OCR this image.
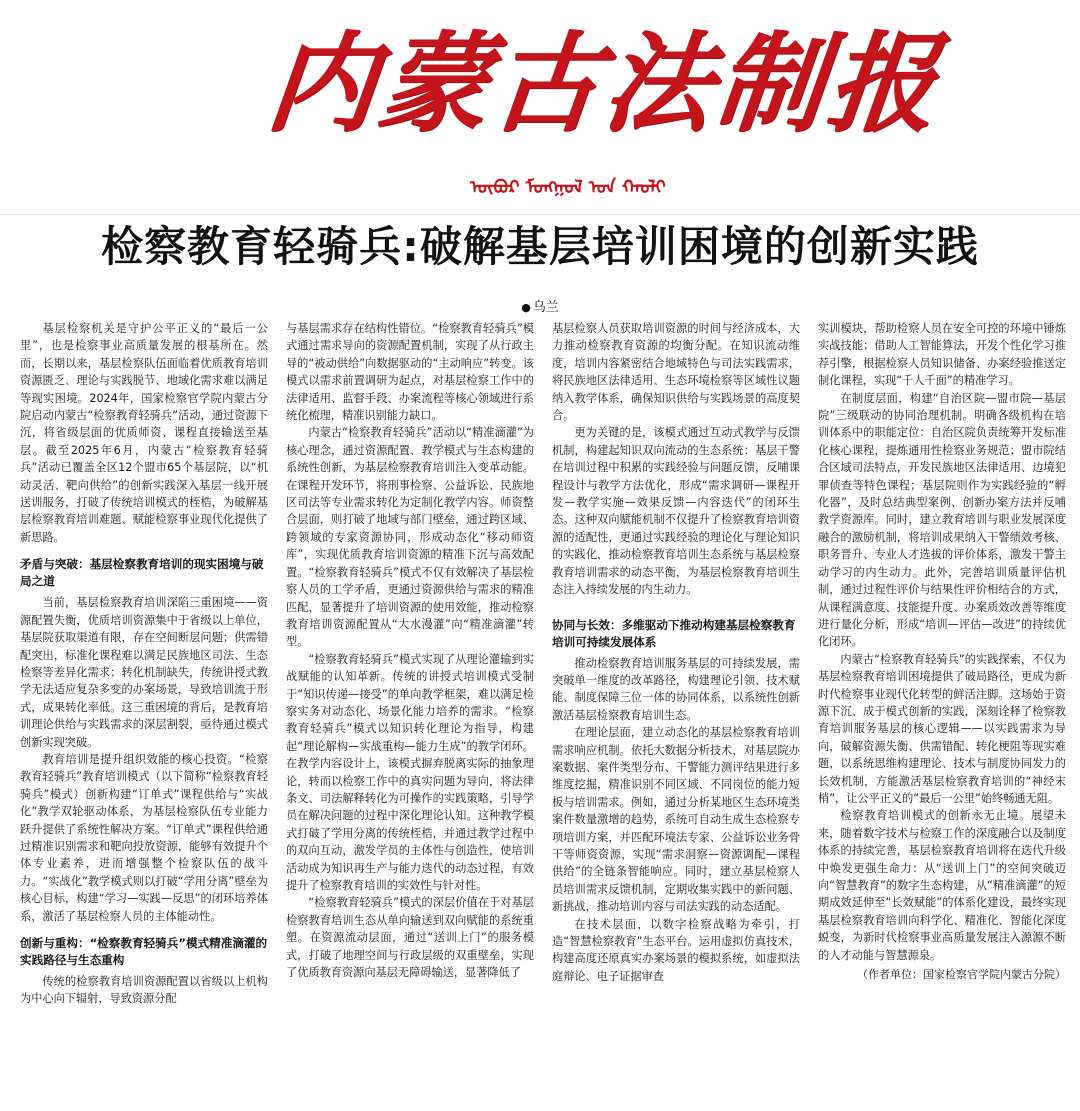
内蒙古法制报
ᠥᠪᠦᠷ ᠮᠣᠩᠭᠣᠯ ᠤᠨ ᠬᠠᠤᠯᠢ
检察教育轻骑兵:破解基层培训困境的创新实践
● 乌兰

基层检察机关是守护公平正义的“最后一公里”，也是检察事业高质量发展的根基所在。然而，长期以来，基层检察队伍面临着优质教育培训资源匮乏、理论与实践脱节、地域化需求难以满足等现实困境。2024年，国家检察官学院内蒙古分院启动内蒙古“检察教育轻骑兵”活动，通过资源下沉，将省级层面的优质师资、课程直接输送至基层。截至2025年6月，内蒙古“检察教育轻骑兵”活动已覆盖全区12个盟市65个基层院，以“机动灵活、靶向供给”的创新实践深入基层一线开展送训服务，打破了传统培训模式的桎梏，为破解基层检察教育培训难题、赋能检察事业现代化提供了新思路。

矛盾与突破：基层检察教育培训的现实困境与破局之道

当前，基层检察教育培训深陷三重困境——资源配置失衡，优质培训资源集中于省级以上单位，基层院获取渠道有限，存在空间断层问题；供需错配突出，标准化课程难以满足民族地区司法、生态检察等差异化需求；转化机制缺失，传统讲授式教学无法适应复杂多变的办案场景，导致培训流于形式，成果转化率低。这三重困境的背后，是教育培训理论供给与实践需求的深层割裂，亟待通过模式创新实现突破。

教育培训是提升组织效能的核心投资。“检察教育轻骑兵”教育培训模式（以下简称“检察教育轻骑兵”模式）创新构建“订单式”课程供给与“实战化”教学双轮驱动体系，为基层检察队伍专业能力跃升提供了系统性解决方案。“订单式”课程供给通过精准识别需求和靶向投放资源，能够有效提升个体专业素养，进而增强整个检察队伍的战斗力。“实战化”教学模式则以打破“学用分离”壁垒为核心目标，构建“学习—实践—反思”的闭环培养体系，激活了基层检察人员的主体能动性。

创新与重构：“检察教育轻骑兵”模式精准滴灌的实践路径与生态重构

传统的检察教育培训资源配置以省级以上机构为中心向下辐射，导致资源分配

与基层需求存在结构性错位。“检察教育轻骑兵”模式通过需求导向的资源配置机制，实现了从行政主导的“被动供给”向数据驱动的“主动响应”转变。该模式以需求前置调研为起点，对基层检察工作中的法律适用、监督手段、办案流程等核心领域进行系统化梳理，精准识别能力缺口。

内蒙古“检察教育轻骑兵”活动以“精准滴灌”为核心理念，通过资源配置、教学模式与生态构建的系统性创新，为基层检察教育培训注入变革动能。在课程开发环节，将刑事检察、公益诉讼、民族地区司法等专业需求转化为定制化教学内容。师资整合层面，则打破了地域与部门壁垒，通过跨区域、跨领域的专家资源协同，形成动态化“移动师资库”，实现优质教育培训资源的精准下沉与高效配置。“检察教育轻骑兵”模式不仅有效解决了基层检察人员的工学矛盾，更通过资源供给与需求的精准匹配，显著提升了培训资源的使用效能，推动检察教育培训资源配置从“大水漫灌”向“精准滴灌”转型。

“检察教育轻骑兵”模式实现了从理论灌输到实战赋能的认知革新。传统的讲授式培训模式受制于“知识传递—接受”的单向教学框架，难以满足检察实务对动态化、场景化能力培养的需求。“检察教育轻骑兵”模式以知识转化理论为指导，构建起“理论解构—实战重构—能力生成”的教学闭环。在教学内容设计上，该模式摒弃脱离实际的抽象理论，转而以检察工作中的真实问题为导向，将法律条文、司法解释转化为可操作的实践策略，引导学员在解决问题的过程中深化理论认知。这种教学模式打破了学用分离的传统桎梏，并通过教学过程中的双向互动，激发学员的主体性与创造性，使培训活动成为知识再生产与能力迭代的动态过程，有效提升了检察教育培训的实效性与针对性。

“检察教育轻骑兵”模式的深层价值在于对基层检察教育培训生态从单向输送到双向赋能的系统重塑。在资源流动层面，通过“送训上门”的服务模式，打破了地理空间与行政层级的双重壁垒，实现了优质教育资源向基层无障碍输送，显著降低了

基层检察人员获取培训资源的时间与经济成本，大力推动检察教育资源的均衡分配。在知识流动维度，培训内容紧密结合地域特色与司法实践需求，将民族地区法律适用、生态环境检察等区域性议题纳入教学体系，确保知识供给与实践场景的高度契合。

更为关键的是，该模式通过互动式教学与反馈机制，构建起知识双向流动的生态系统：基层干警在培训过程中积累的实践经验与问题反馈，反哺课程设计与教学方法优化，形成“需求调研—课程开发—教学实施—效果反馈—内容迭代”的闭环生态。这种双向赋能机制不仅提升了检察教育培训资源的适配性，更通过实践经验的理论化与理论知识的实践化，推动检察教育培训生态系统与基层检察教育培训需求的动态平衡，为基层检察教育培训生态注入持续发展的内生动力。

协同与长效：多维驱动下推动构建基层检察教育培训可持续发展体系

推动检察教育培训服务基层的可持续发展，需突破单一维度的改革路径，构建理论引领、技术赋能、制度保障三位一体的协同体系，以系统性创新激活基层检察教育培训生态。

在理论层面，建立动态化的基层检察教育培训需求响应机制。依托大数据分析技术，对基层院办案数据、案件类型分布、干警能力测评结果进行多维度挖掘，精准识别不同区域、不同岗位的能力短板与培训需求。例如，通过分析某地区生态环境类案件数量激增的趋势，系统可自动生成生态检察专项培训方案，并匹配环境法专家、公益诉讼业务骨干等师资资源，实现“需求洞察—资源调配—课程供给”的全链条智能响应。同时，建立基层检察人员培训需求反馈机制，定期收集实践中的新问题、新挑战，推动培训内容与司法实践的动态适配。

在技术层面，以数字检察战略为牵引，打造“智慧检察教育”生态平台。运用虚拟仿真技术，构建高度还原真实办案场景的模拟系统，如虚拟法庭辩论、电子证据审查

实训模块，帮助检察人员在安全可控的环境中锤炼实战技能；借助人工智能算法，开发个性化学习推荐引擎，根据检察人员知识储备、办案经验推送定制化课程，实现“千人千面”的精准学习。

在制度层面，构建“自治区院—盟市院—基层院”三级联动的协同治理机制。明确各级机构在培训体系中的职能定位：自治区院负责统筹开发标准化核心课程，提炼通用性检察业务规范；盟市院结合区域司法特点，开发民族地区法律适用、边境犯罪侦查等特色课程；基层院则作为实践经验的“孵化器”，及时总结典型案例、创新办案方法并反哺教学资源库。同时，建立教育培训与职业发展深度融合的激励机制，将培训成果纳入干警绩效考核、职务晋升、专业人才选拔的评价体系，激发干警主动学习的内生动力。此外，完善培训质量评估机制，通过过程性评价与结果性评价相结合的方式，从课程满意度、技能提升度、办案质效改善等维度进行量化分析，形成“培训—评估—改进”的持续优化闭环。

内蒙古“检察教育轻骑兵”的实践探索，不仅为基层检察教育培训困境提供了破局路径，更成为新时代检察事业现代化转型的鲜活注脚。这场始于资源下沉、成于模式创新的实践，深刻诠释了检察教育培训服务基层的核心逻辑——以实践需求为导向，破解资源失衡、供需错配、转化梗阻等现实难题，以系统思维构建理论、技术与制度协同发力的长效机制，方能激活基层检察教育培训的“神经末梢”，让公平正义的“最后一公里”始终畅通无阻。

检察教育培训模式的创新永无止境。展望未来，随着数字技术与检察工作的深度融合以及制度体系的持续完善，基层检察教育培训将在迭代升级中焕发更强生命力：从“送训上门”的空间突破迈向“智慧教育”的数字生态构建，从“精准滴灌”的短期成效延伸至“长效赋能”的体系化建设，最终实现基层检察教育培训向科学化、精准化、智能化深度蜕变，为新时代检察事业高质量发展注入源源不断的人才动能与智慧源泉。

（作者单位：国家检察官学院内蒙古分院）
